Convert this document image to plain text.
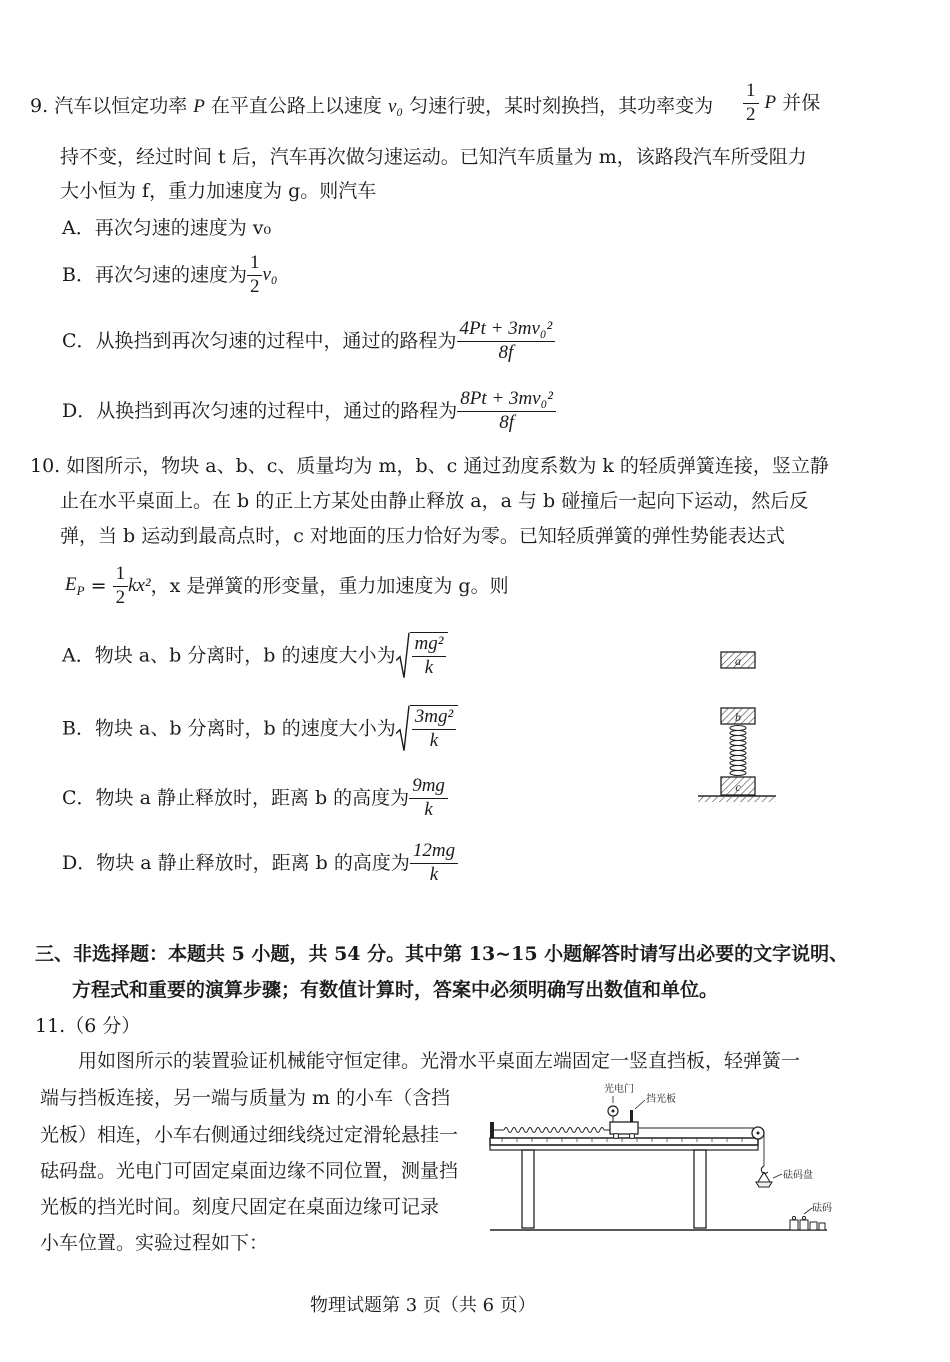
9. 汽车以恒定功率 P 在平直公路上以速度 v₀ 匀速行驶，某时刻换挡，其功率变为 $\frac{1}{2}$ P 并保
持不变，经过时间 t 后，汽车再次做匀速运动。已知汽车质量为 m，该路段汽车所受阻力
大小恒为 f，重力加速度为 g。则汽车
A．再次匀速的速度为 v₀
B．再次匀速的速度为 $\frac{1}{2} v_0$
C．从换挡到再次匀速的过程中，通过的路程为 $\frac{\text{4Pt + 3mv₀²}}{8f}$
D．从换挡到再次匀速的过程中，通过的路程为 $\frac{\text{8Pt + 3mv₀²}}{8f}$
10. 如图所示，物块 a、b、c、质量均为 m，b、c 通过劲度系数为 k 的轻质弹簧连接，竖立静
止在水平桌面上。在 b 的正上方某处由静止释放 a，a 与 b 碰撞后一起向下运动，然后反
弹，当 b 运动到最高点时，c 对地面的压力恰好为零。已知轻质弹簧的弹性势能表达式
$E_P = \frac{1}{2} kx^2$，x 是弹簧的形变量，重力加速度为 g。则
A．物块 a、b 分离时，b 的速度大小为 $\frac{\text{mg²}}{k}$
B．物块 a、b 分离时，b 的速度大小为 $\frac{\text{3mg²}}{k}$
C．物块 a 静止释放时，距离 b 的高度为 $\frac{9mg}{k}$
D．物块 a 静止释放时，距离 b 的高度为 $\frac{12mg}{k}$
a
b
c
三、非选择题：本题共 5 小题，共 54 分。其中第 13~15 小题解答时请写出必要的文字说明、
方程式和重要的演算步骤；有数值计算时，答案中必须明确写出数值和单位。
11.（6 分）
用如图所示的装置验证机械能守恒定律。光滑水平桌面左端固定一竖直挡板，轻弹簧一
端与挡板连接，另一端与质量为 m 的小车（含挡
光板）相连，小车右侧通过细线绕过定滑轮悬挂一
砝码盘。光电门可固定桌面边缘不同位置，测量挡
光板的挡光时间。刻度尺固定在桌面边缘可记录
小车位置。实验过程如下：
光电门
挡光板
砝码盘
砝码
物理试题第 3 页（共 6 页）
